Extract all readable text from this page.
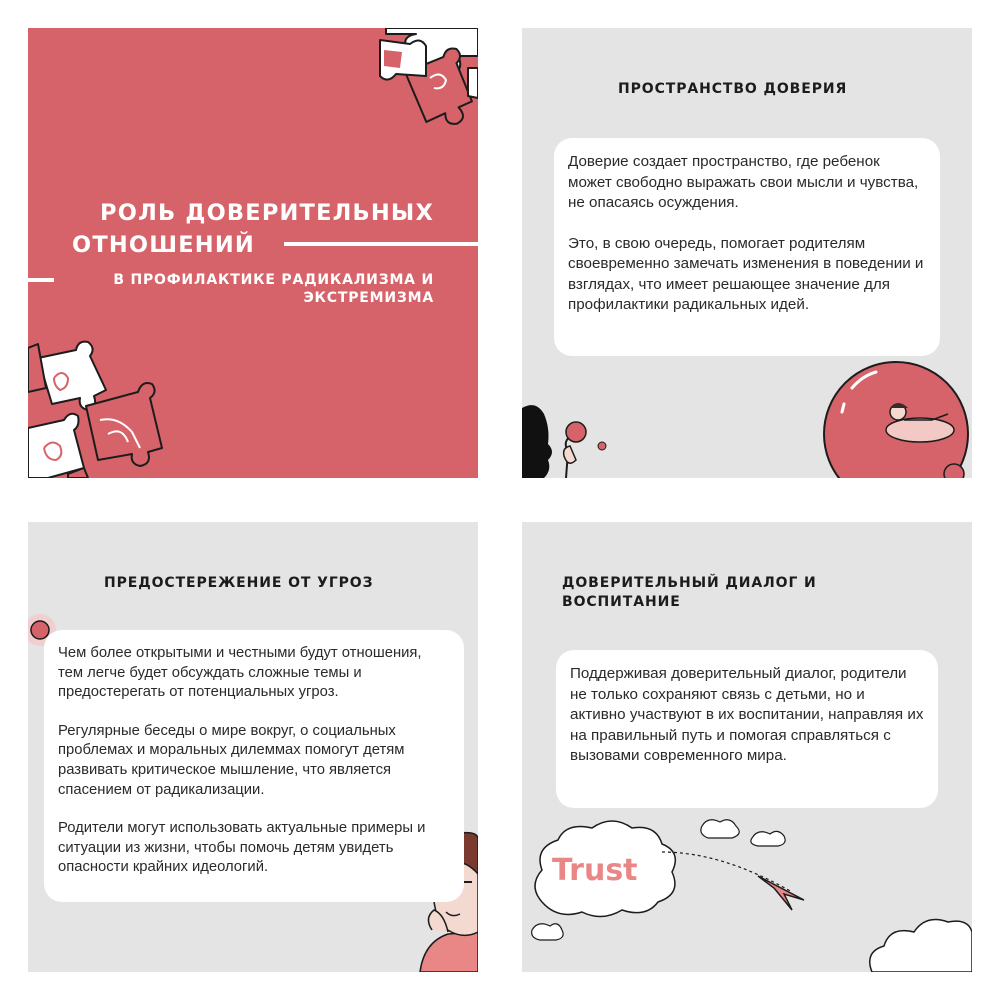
РОЛЬ ДОВЕРИТЕЛЬНЫХ
ОТНОШЕНИЙ
В ПРОФИЛАКТИКЕ РАДИКАЛИЗМА И
ЭКСТРЕМИЗМА
ПРОСТРАНСТВО ДОВЕРИЯ

Доверие создает пространство, где ребенок может свободно выражать свои мысли и чувства, не опасаясь осуждения.

Это, в свою очередь, помогает родителям своевременно замечать изменения в поведении и взглядах, что имеет решающее значение для профилактики радикальных идей.

ПРЕДОСТЕРЕЖЕНИЕ ОТ УГРОЗ

Чем более открытыми и честными будут отношения, тем легче будет обсуждать сложные темы и предостерегать от потенциальных угроз.

Регулярные беседы о мире вокруг, о социальных проблемах и моральных дилеммах помогут детям развивать критическое мышление, что является спасением от радикализации.

Родители могут использовать актуальные примеры и ситуации из жизни, чтобы помочь детям увидеть опасности крайних идеологий.	Trust
ДОВЕРИТЕЛЬНЫЙ ДИАЛОГ И
ВОСПИТАНИЕ

Поддерживая доверительный диалог, родители не только сохраняют связь с детьми, но и активно участвуют в их воспитании, направляя их на правильный путь и помогая справляться с вызовами современного мира.
